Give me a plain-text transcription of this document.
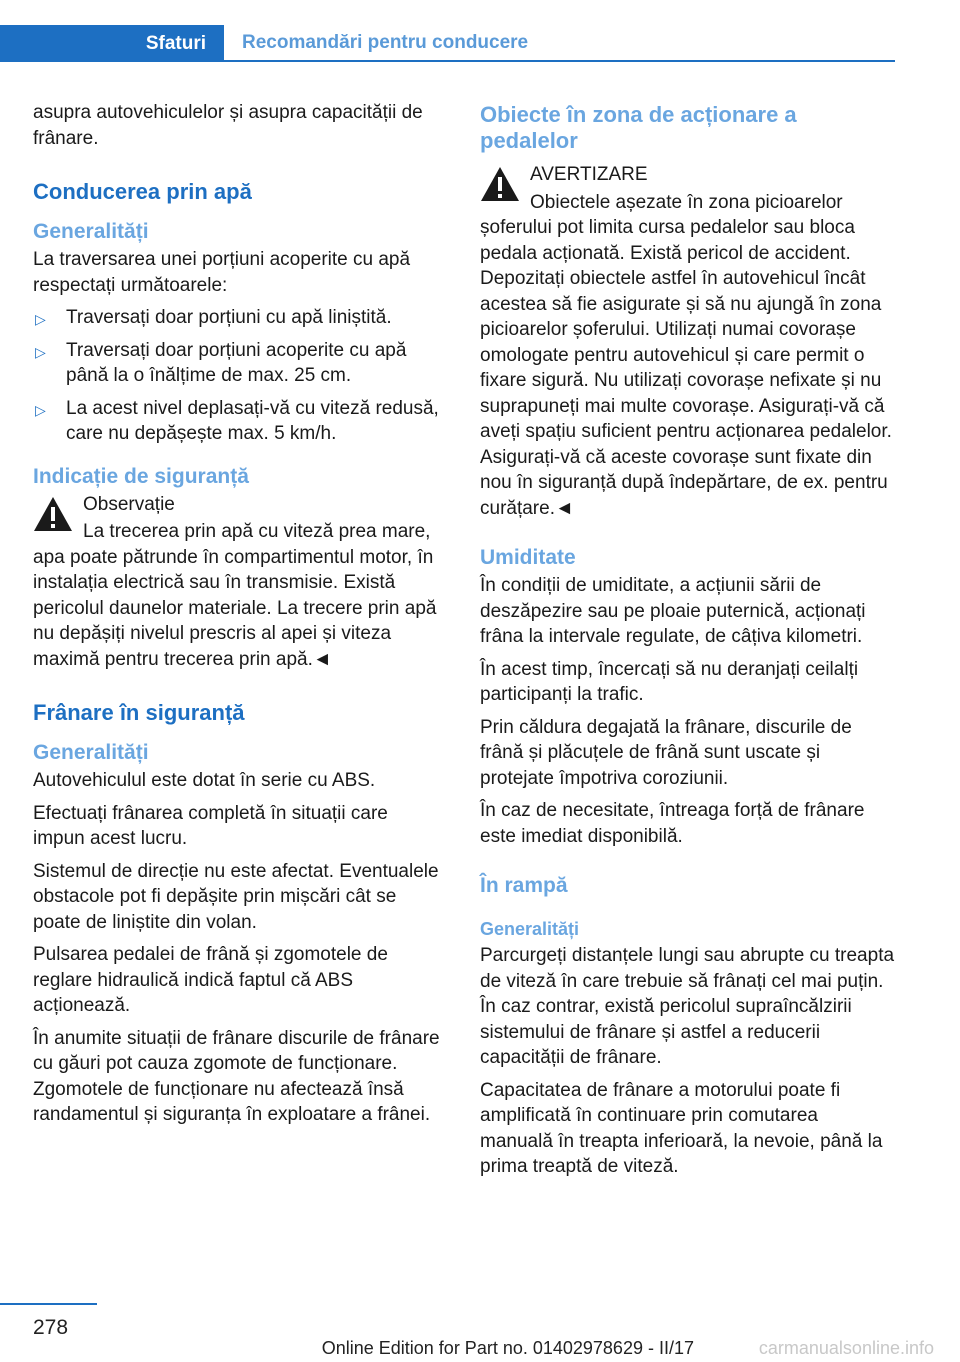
Sfaturi	Recomandări pentru conducere

asupra autovehiculelor și asupra capacității de frânare.

Conducerea prin apă
Generalități

La traversarea unei porțiuni acoperite cu apă respectați următoarele:

▷ Traversați doar porțiuni cu apă liniștită.
▷ Traversați doar porțiuni acoperite cu apă până la o înălțime de max. 25 cm.
▷ La acest nivel deplasați-vă cu viteză redusă, care nu depășește max. 5 km/h.
Indicație de siguranță

Observație

La trecerea prin apă cu viteză prea mare, apa poate pătrunde în compartimentul motor, în instalația electrică sau în transmisie. Există pericolul daunelor materiale. La trecere prin apă nu depășiți nivelul prescris al apei și viteza maximă pentru trecerea prin apă.◄

Frânare în siguranță
Generalități

Autovehiculul este dotat în serie cu ABS.

Efectuați frânarea completă în situații care impun acest lucru.

Sistemul de direcție nu este afectat. Eventualele obstacole pot fi depășite prin mișcări cât se poate de liniștite din volan.

Pulsarea pedalei de frână și zgomotele de reglare hidraulică indică faptul că ABS acționează.

În anumite situații de frânare discurile de frânare cu găuri pot cauza zgomote de funcționare. Zgomotele de funcționare nu afectează însă randamentul și siguranța în exploatare a frânei.

Obiecte în zona de acționare a pedalelor

AVERTIZARE

Obiectele așezate în zona picioarelor șoferului pot limita cursa pedalelor sau bloca pedala acționată. Există pericol de accident. Depozitați obiectele astfel în autovehicul încât acestea să fie asigurate și să nu ajungă în zona picioarelor șoferului. Utilizați numai covorașe omologate pentru autovehicul și care permit o fixare sigură. Nu utilizați covorașe nefixate și nu suprapuneți mai multe covorașe. Asigurați-vă că aveți spațiu suficient pentru acționarea pedalelor. Asigurați-vă că aceste covorașe sunt fixate din nou în siguranță după îndepărtare, de ex. pentru curățare.◄

Umiditate

În condiții de umiditate, a acțiunii sării de deszăpezire sau pe ploaie puternică, acționați frâna la intervale regulate, de câțiva kilometri.

În acest timp, încercați să nu deranjați ceilalți participanți la trafic.

Prin căldura degajată la frânare, discurile de frână și plăcuțele de frână sunt uscate și protejate împotriva coroziunii.

În caz de necesitate, întreaga forță de frânare este imediat disponibilă.

În rampă
Generalități

Parcurgeți distanțele lungi sau abrupte cu treapta de viteză în care trebuie să frânați cel mai puțin. În caz contrar, există pericolul supraîncălzirii sistemului de frânare și astfel a reducerii capacității de frânare.

Capacitatea de frânare a motorului poate fi amplificată în continuare prin comutarea manuală în treapta inferioară, la nevoie, până la prima treaptă de viteză.

278
Online Edition for Part no. 01402978629 - II/17	carmanualsonline.info
